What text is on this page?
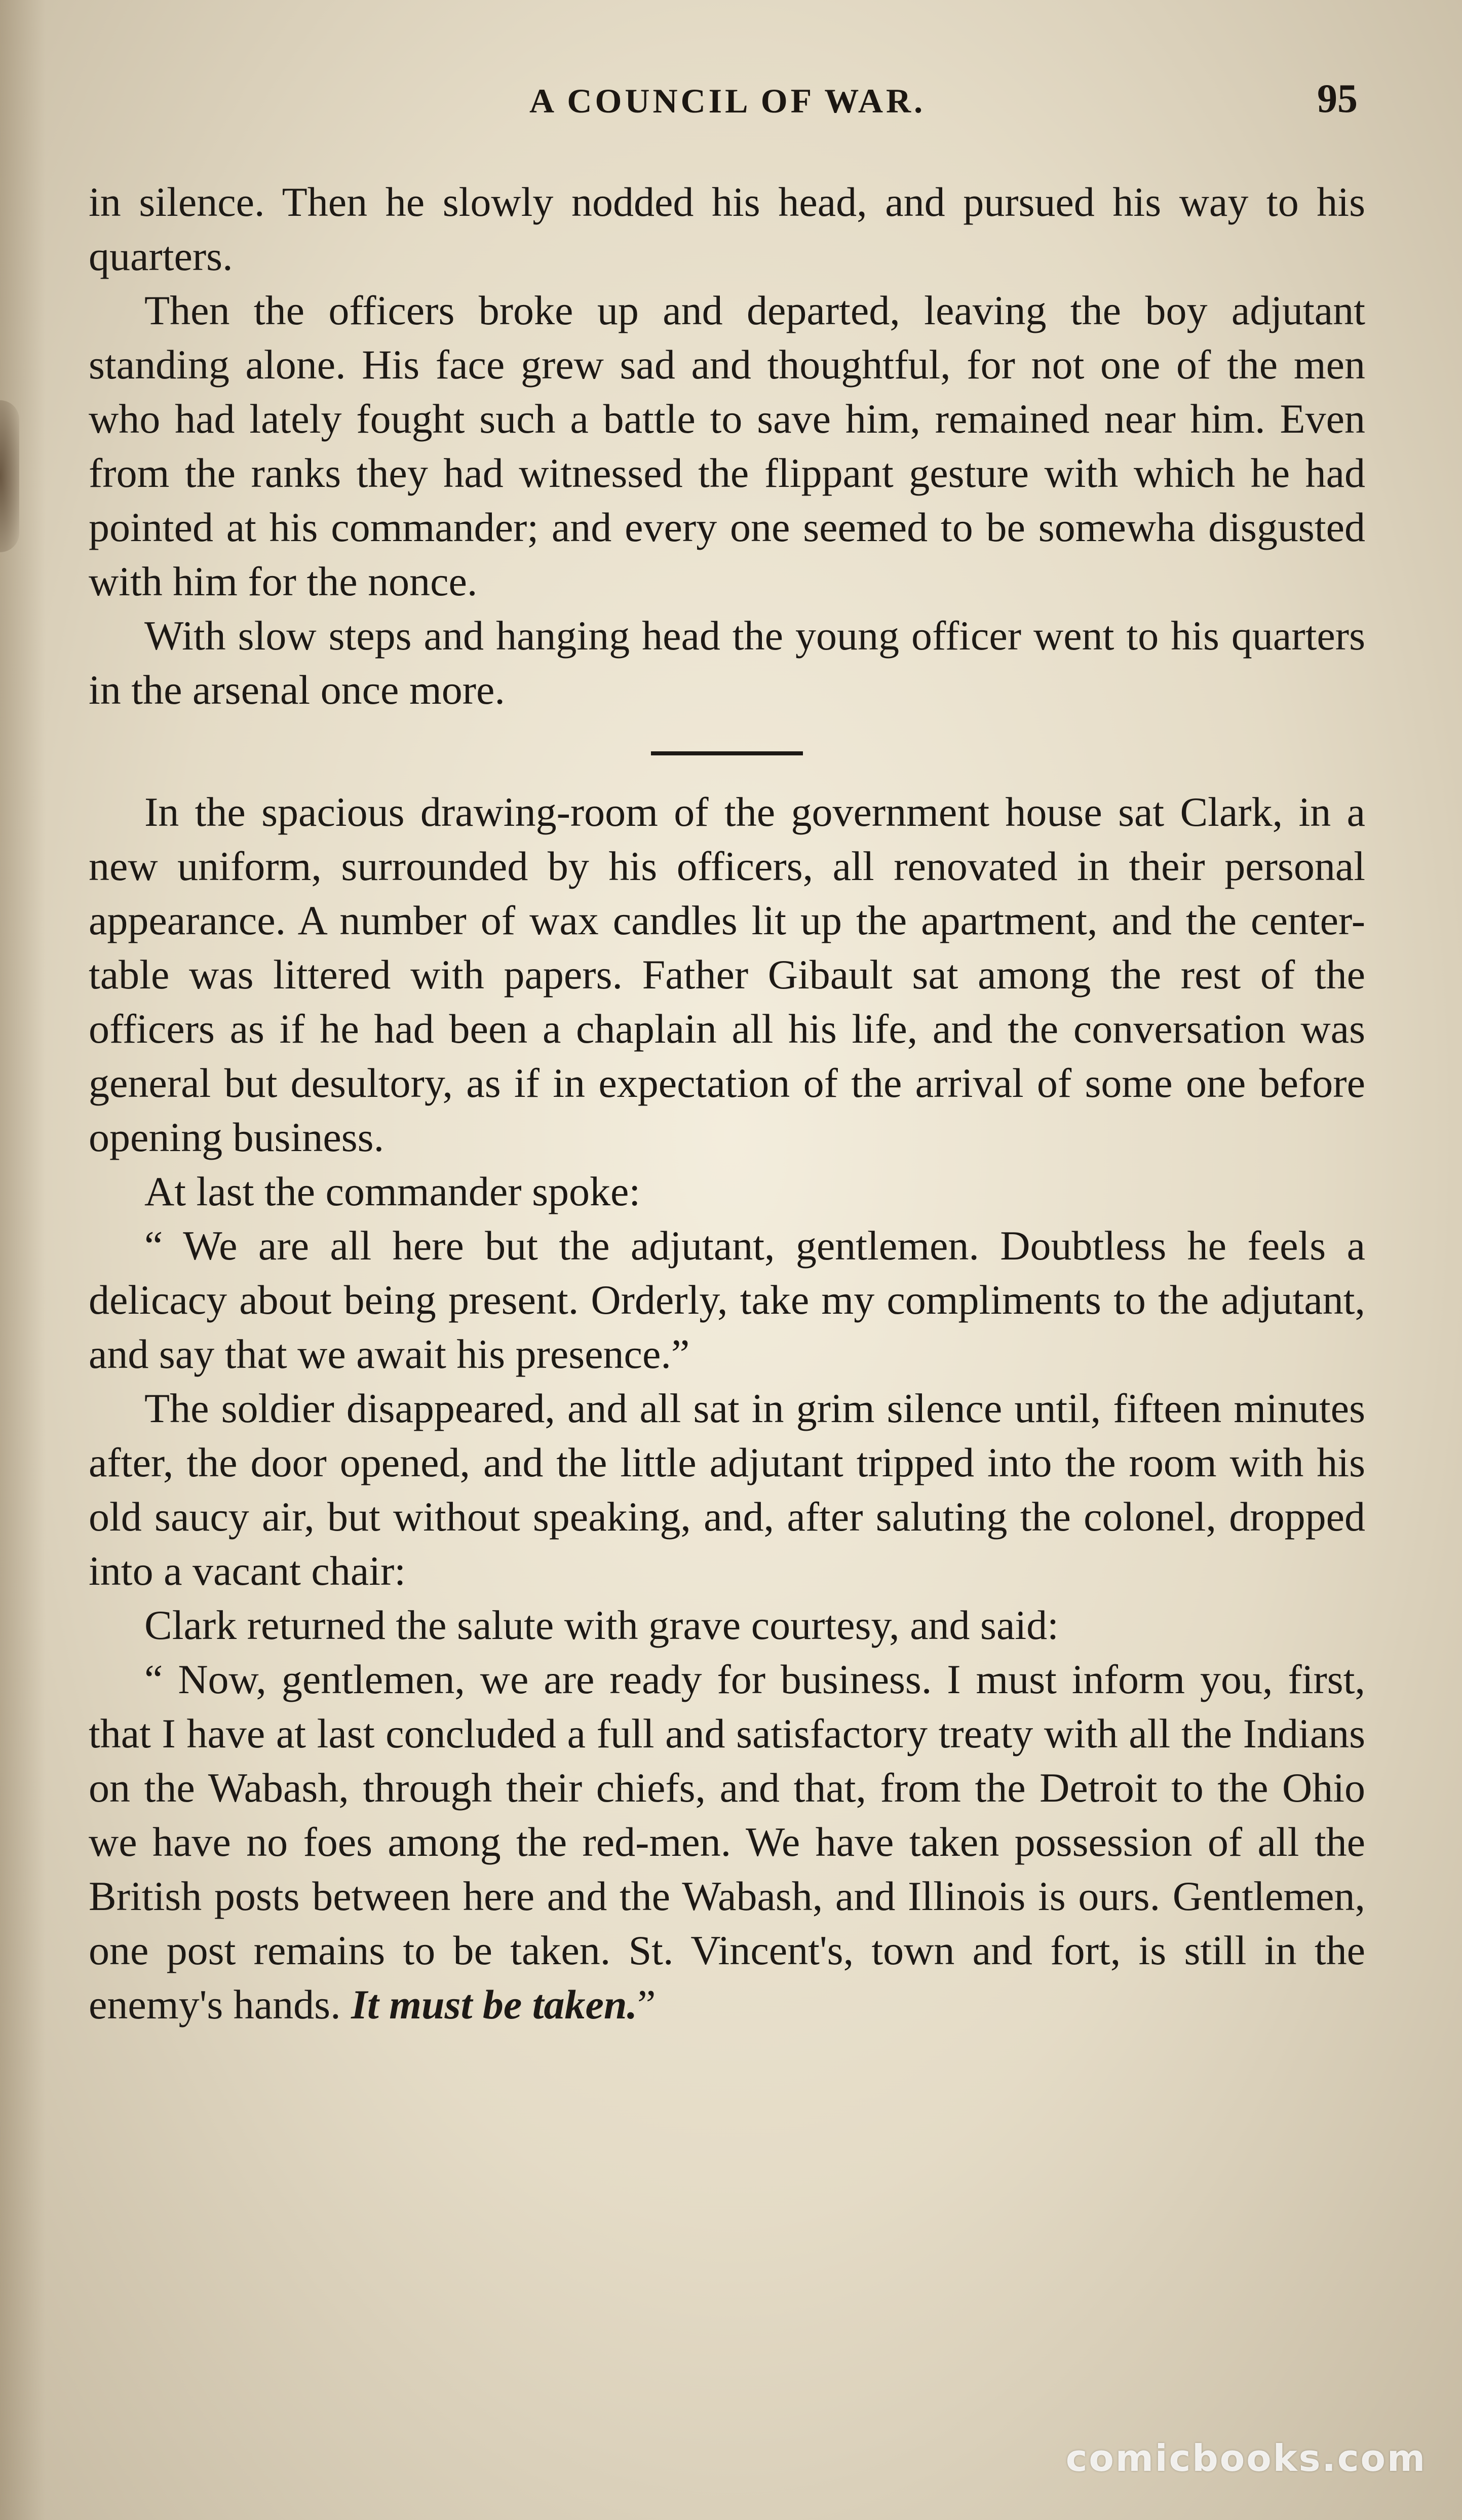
A COUNCIL OF WAR.	95

in silence. Then he slowly nodded his head, and pursued his way to his quarters.

Then the officers broke up and departed, leaving the boy adjutant standing alone. His face grew sad and thoughtful, for not one of the men who had lately fought such a battle to save him, remained near him. Even from the ranks they had witnessed the flippant gesture with which he had pointed at his commander; and every one seemed to be somewha disgusted with him for the nonce.

With slow steps and hanging head the young officer went to his quarters in the arsenal once more.

In the spacious drawing-room of the government house sat Clark, in a new uniform, surrounded by his officers, all renovated in their personal appearance. A number of wax candles lit up the apartment, and the center-table was littered with papers. Father Gibault sat among the rest of the officers as if he had been a chaplain all his life, and the conversation was general but desultory, as if in expectation of the arrival of some one before opening business.

At last the commander spoke:

“ We are all here but the adjutant, gentlemen. Doubtless he feels a delicacy about being present. Orderly, take my compliments to the adjutant, and say that we await his presence.”

The soldier disappeared, and all sat in grim silence until, fifteen minutes after, the door opened, and the little adjutant tripped into the room with his old saucy air, but without speaking, and, after saluting the colonel, dropped into a vacant chair:

Clark returned the salute with grave courtesy, and said:

“ Now, gentlemen, we are ready for business. I must inform you, first, that I have at last concluded a full and satisfactory treaty with all the Indians on the Wabash, through their chiefs, and that, from the Detroit to the Ohio we have no foes among the red-men. We have taken possession of all the British posts between here and the Wabash, and Illinois is ours. Gentlemen, one post remains to be taken. St. Vincent's, town and fort, is still in the enemy's hands. It must be taken.”

comicbooks.com
